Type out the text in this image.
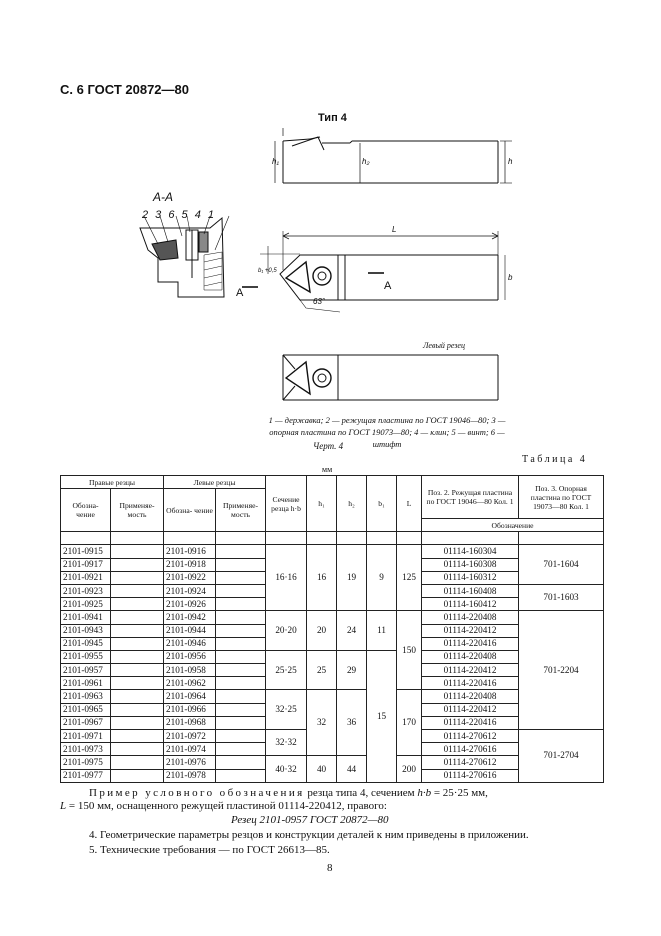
С. 6 ГОСТ 20872—80
Тип 4
А-А
2 3 6 5 4 1
h₁	h₂	h
L
b₁ +0,5
b
63°
A
A
Левый резец
1 — державка; 2 — режущая пластина по ГОСТ 19046—80; 3 — опорная пластина по ГОСТ 19073—80; 4 — клин; 5 — винт; 6 — штифт
Черт. 4
Таблица 4
мм
Правые резцы		Левые резцы		Сечение резца h·b	h₁	h₂	b₁	L	Поз. 2. Режущая пластина по ГОСТ 19046—80 Кол. 1	Поз. 3. Опорная пластина по ГОСТ 19073—80 Кол. 1
Обозна- чение	Применяе- мость	Обозна- чение	Применяе- мость							
									Обозначение	

2101-0915		2101-0916		16·16	16	19	9	125	01114-160304	701-1604
2101-0917		2101-0918							01114-160308	
2101-0921		2101-0922							01114-160312	
2101-0923		2101-0924							01114-160408	701-1603
2101-0925		2101-0926							01114-160412	
2101-0941		2101-0942		20·20	20	24	11	150	01114-220408	701-2204
2101-0943		2101-0944							01114-220412	
2101-0945		2101-0946							01114-220416	
2101-0955		2101-0956		25·25	25	29	15		01114-220408	
2101-0957		2101-0958							01114-220412	
2101-0961		2101-0962							01114-220416	
2101-0963		2101-0964		32·25	32	36		170	01114-220408	
2101-0965		2101-0966							01114-220412	
2101-0967		2101-0968							01114-220416	
2101-0971		2101-0972		32·32					01114-270612	701-2704
2101-0973		2101-0974							01114-270616	
2101-0975		2101-0976		40·32	40	44		200	01114-270612	
2101-0977		2101-0978							01114-270616	
Пример условного обозначения резца типа 4, сечением h·b = 25·25 мм,
L = 150 мм, оснащенного режущей пластиной 01114-220412, правого:
Резец 2101-0957 ГОСТ 20872—80
4. Геометрические параметры резцов и конструкции деталей к ним приведены в приложении.
5. Технические требования — по ГОСТ 26613—85.
8
